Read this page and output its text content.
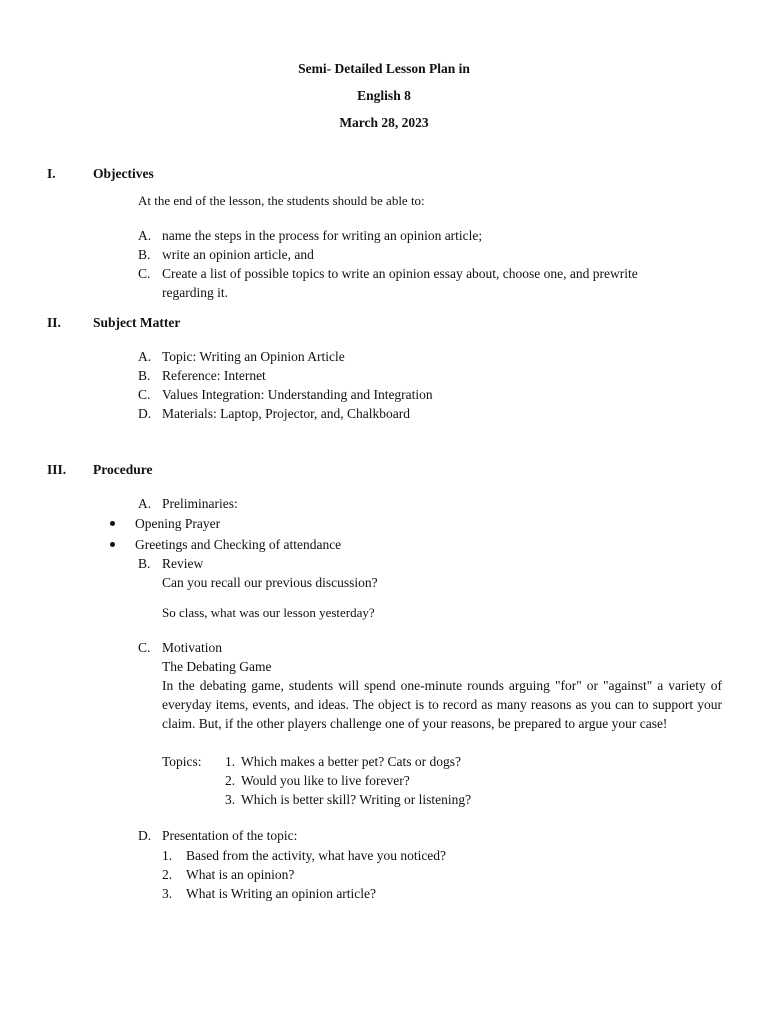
Semi- Detailed Lesson Plan in
English 8
March 28, 2023
I.	Objectives
At the end of the lesson, the students should be able to:
A. name the steps in the process for writing an opinion article;
B. write an opinion article, and
C. Create a list of possible topics to write an opinion essay about, choose one, and prewrite
regarding it.
II. Subject Matter
A. Topic: Writing an Opinion Article
B. Reference: Internet
C. Values Integration: Understanding and Integration
D. Materials: Laptop, Projector, and, Chalkboard
III. Procedure
A. Preliminaries:
Opening Prayer
Greetings and Checking of attendance
B. Review
Can you recall our previous discussion?
So class, what was our lesson yesterday?
C. Motivation
The Debating Game
In the debating game, students will spend one-minute rounds arguing "for" or "against" a variety of everyday items, events, and ideas. The object is to record as many reasons as you can to support your claim. But, if the other players challenge one of your reasons, be prepared to argue your case!
Topics: 1. Which makes a better pet? Cats or dogs?
2. Would you like to live forever?
3. Which is better skill? Writing or listening?
D. Presentation of the topic:
1. Based from the activity, what have you noticed?
2. What is an opinion?
3. What is Writing an opinion article?
